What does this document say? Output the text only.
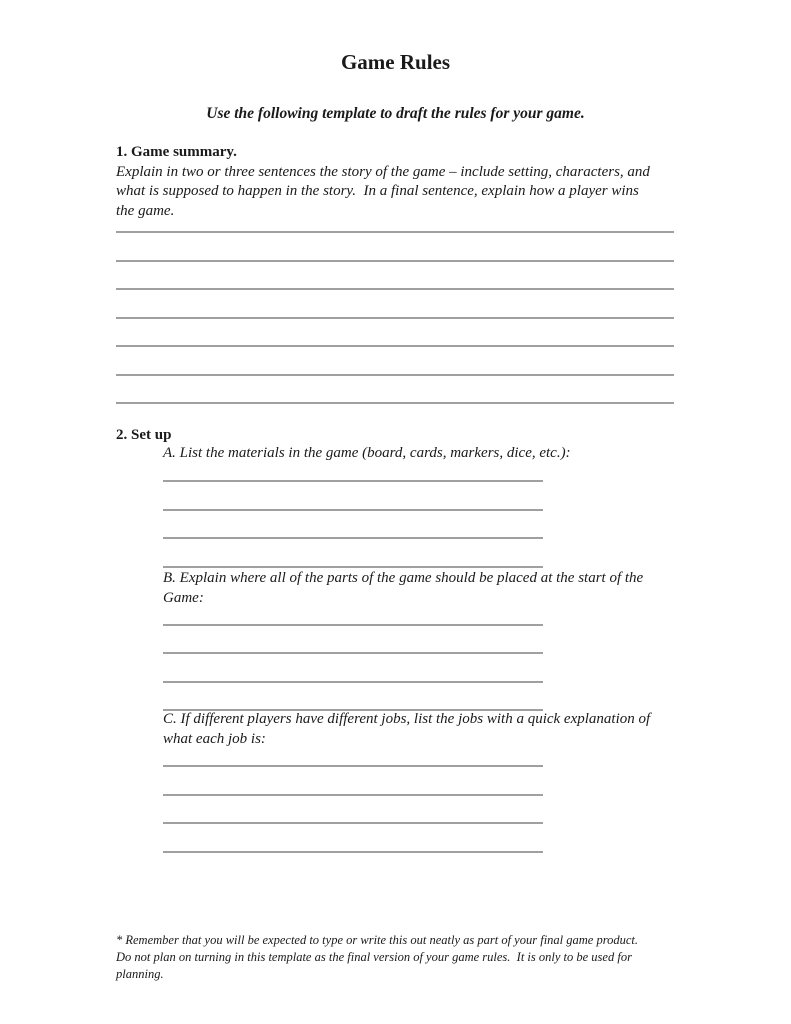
Game Rules
Use the following template to draft the rules for your game.
1. Game summary.
Explain in two or three sentences the story of the game – include setting, characters, and
what is supposed to happen in the story.  In a final sentence, explain how a player wins
the game.
2. Set up
A. List the materials in the game (board, cards, markers, dice, etc.):
B. Explain where all of the parts of the game should be placed at the start of the
Game:
C. If different players have different jobs, list the jobs with a quick explanation of
what each job is:
* Remember that you will be expected to type or write this out neatly as part of your final game product.
Do not plan on turning in this template as the final version of your game rules.  It is only to be used for
planning.
